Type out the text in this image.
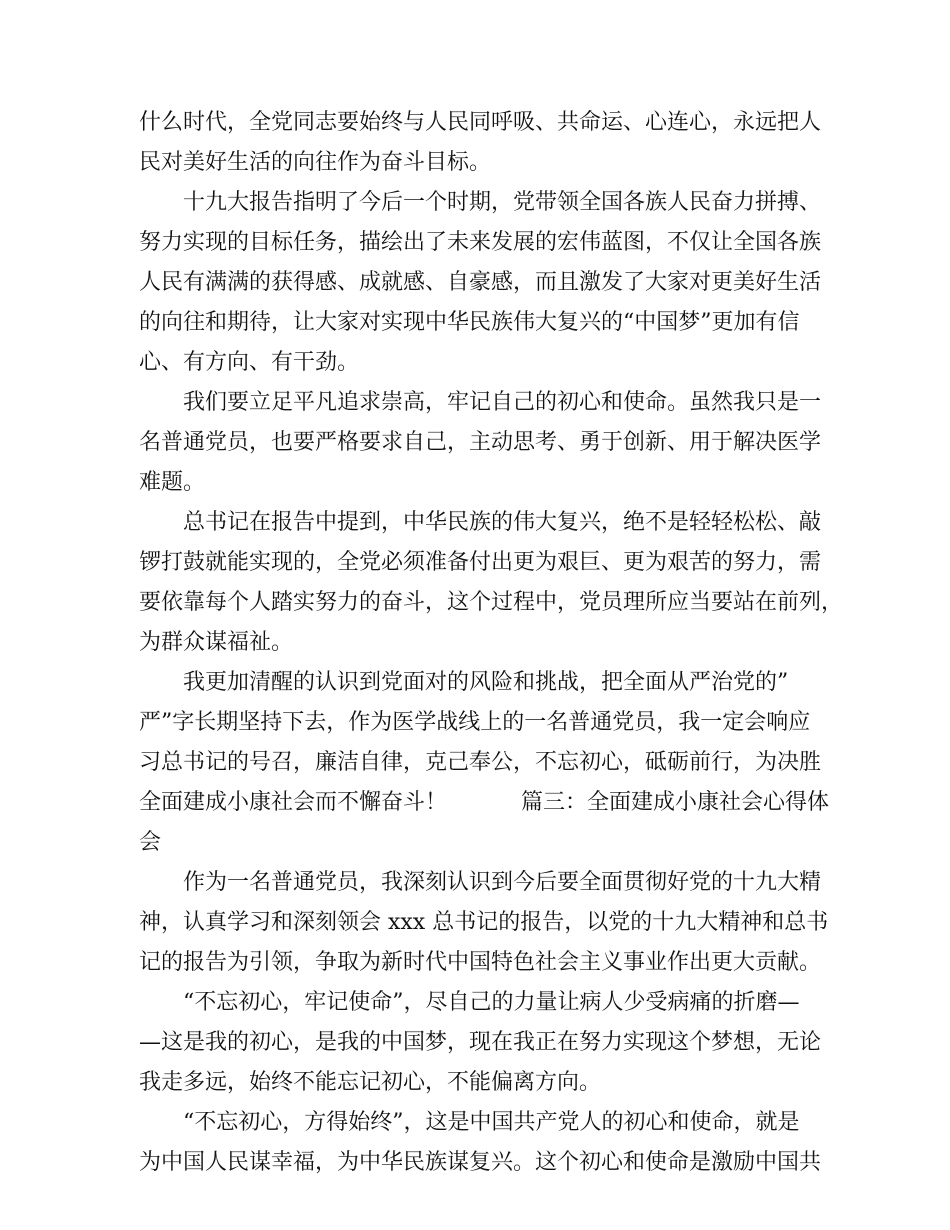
什么时代，全党同志要始终与人民同呼吸、共命运、心连心，永远把人
民对美好生活的向往作为奋斗目标。
十九大报告指明了今后一个时期，党带领全国各族人民奋力拼搏、
努力实现的目标任务，描绘出了未来发展的宏伟蓝图，不仅让全国各族
人民有满满的获得感、成就感、自豪感，而且激发了大家对更美好生活
的向往和期待，让大家对实现中华民族伟大复兴的“中国梦”更加有信
心、有方向、有干劲。
我们要立足平凡追求崇高，牢记自己的初心和使命。虽然我只是一
名普通党员，也要严格要求自己，主动思考、勇于创新、用于解决医学
难题。
总书记在报告中提到，中华民族的伟大复兴，绝不是轻轻松松、敲
锣打鼓就能实现的，全党必须准备付出更为艰巨、更为艰苦的努力，需
要依靠每个人踏实努力的奋斗，这个过程中，党员理所应当要站在前列，
为群众谋福祉。
我更加清醒的认识到党面对的风险和挑战，把全面从严治党的”
严”字长期坚持下去，作为医学战线上的一名普通党员，我一定会响应
习总书记的号召，廉洁自律，克己奉公，不忘初心，砥砺前行，为决胜
全面建成小康社会而不懈奋斗！	篇三：全面建成小康社会心得体
会
作为一名普通党员，我深刻认识到今后要全面贯彻好党的十九大精
神，认真学习和深刻领会 xxx 总书记的报告，以党的十九大精神和总书
记的报告为引领，争取为新时代中国特色社会主义事业作出更大贡献。
“不忘初心，牢记使命”，尽自己的力量让病人少受病痛的折磨—
—这是我的初心，是我的中国梦，现在我正在努力实现这个梦想，无论
我走多远，始终不能忘记初心，不能偏离方向。
“不忘初心，方得始终”，这是中国共产党人的初心和使命，就是
为中国人民谋幸福，为中华民族谋复兴。这个初心和使命是激励中国共
